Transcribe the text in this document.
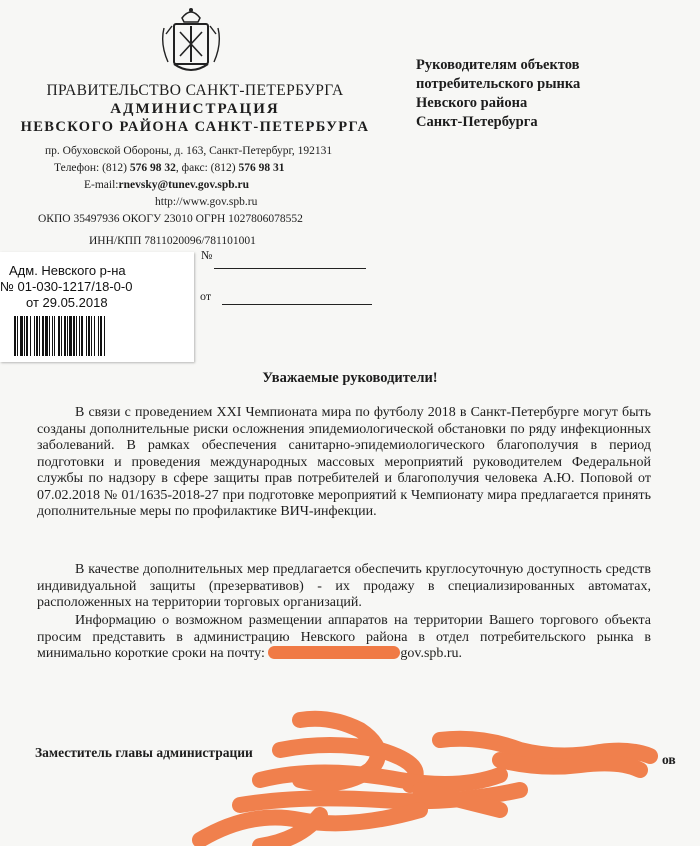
ПРАВИТЕЛЬСТВО САНКТ-ПЕТЕРБУРГА
АДМИНИСТРАЦИЯ
НЕВСКОГО РАЙОНА САНКТ-ПЕТЕРБУРГА
пр. Обуховской Обороны, д. 163, Санкт-Петербург, 192131
Телефон: (812) 576 98 32, факс: (812) 576 98 31
E-mail:rnevsky@tunev.gov.spb.ru
http://www.gov.spb.ru
ОКПО 35497936 ОКОГУ 23010 ОГРН 1027806078552
ИНН/КПП 7811020096/781101001
Руководителям объектов
потребительского рынка
Невского района
Санкт-Петербурга
№
от
Адм. Невского р-на
№ 01-030-1217/18-0-0
от 29.05.2018
Уважаемые руководители!
В связи с проведением XXI Чемпионата мира по футболу 2018 в Санкт-Петербурге могут быть созданы дополнительные риски осложнения эпидемиологической обстановки по ряду инфекционных заболеваний. В рамках обеспечения санитарно-эпидемиологического благополучия в период подготовки и проведения международных массовых мероприятий руководителем Федеральной службы по надзору в сфере защиты прав потребителей и благополучия человека А.Ю. Поповой от 07.02.2018 № 01/1635-2018-27 при подготовке мероприятий к Чемпионату мира предлагается принять дополнительные меры по профилактике ВИЧ-инфекции.
В качестве дополнительных мер предлагается обеспечить круглосуточную доступность средств индивидуальной защиты (презервативов) - их продажу в специализированных автоматах, расположенных на территории торговых организаций.
Информацию о возможном размещении аппаратов на территории Вашего торгового объекта просим представить в администрацию Невского района в отдел потребительского рынка в минимально короткие сроки на почту:	gov.spb.ru.
Заместитель главы администрации	ов
